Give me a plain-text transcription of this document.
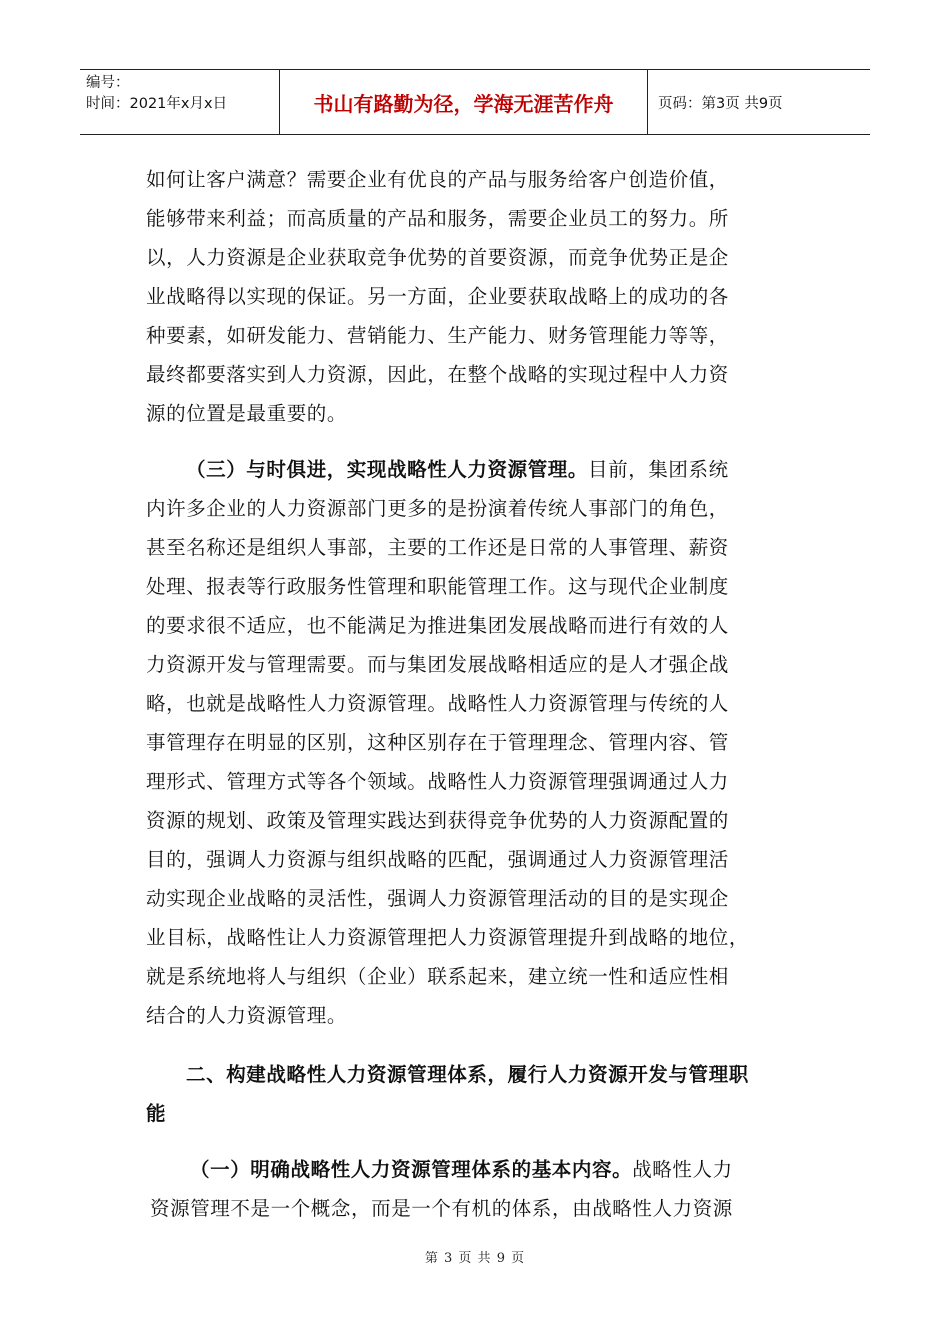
编号：
时间：2021年x月x日	书山有路勤为径，学海无涯苦作舟	页码：第3页 共9页
如何让客户满意？需要企业有优良的产品与服务给客户创造价值，
能够带来利益；而高质量的产品和服务，需要企业员工的努力。所
以，人力资源是企业获取竞争优势的首要资源，而竞争优势正是企
业战略得以实现的保证。另一方面，企业要获取战略上的成功的各
种要素，如研发能力、营销能力、生产能力、财务管理能力等等，
最终都要落实到人力资源，因此，在整个战略的实现过程中人力资
源的位置是最重要的。
（三）与时俱进，实现战略性人力资源管理。目前，集团系统
内许多企业的人力资源部门更多的是扮演着传统人事部门的角色，
甚至名称还是组织人事部，主要的工作还是日常的人事管理、薪资
处理、报表等行政服务性管理和职能管理工作。这与现代企业制度
的要求很不适应，也不能满足为推进集团发展战略而进行有效的人
力资源开发与管理需要。而与集团发展战略相适应的是人才强企战
略，也就是战略性人力资源管理。战略性人力资源管理与传统的人
事管理存在明显的区别，这种区别存在于管理理念、管理内容、管
理形式、管理方式等各个领域。战略性人力资源管理强调通过人力
资源的规划、政策及管理实践达到获得竞争优势的人力资源配置的
目的，强调人力资源与组织战略的匹配，强调通过人力资源管理活
动实现企业战略的灵活性，强调人力资源管理活动的目的是实现企
业目标，战略性让人力资源管理把人力资源管理提升到战略的地位，
就是系统地将人与组织（企业）联系起来，建立统一性和适应性相
结合的人力资源管理。
二、构建战略性人力资源管理体系，履行人力资源开发与管理职
能
（一）明确战略性人力资源管理体系的基本内容。战略性人力
资源管理不是一个概念，而是一个有机的体系，由战略性人力资源
第 3 页 共 9 页
